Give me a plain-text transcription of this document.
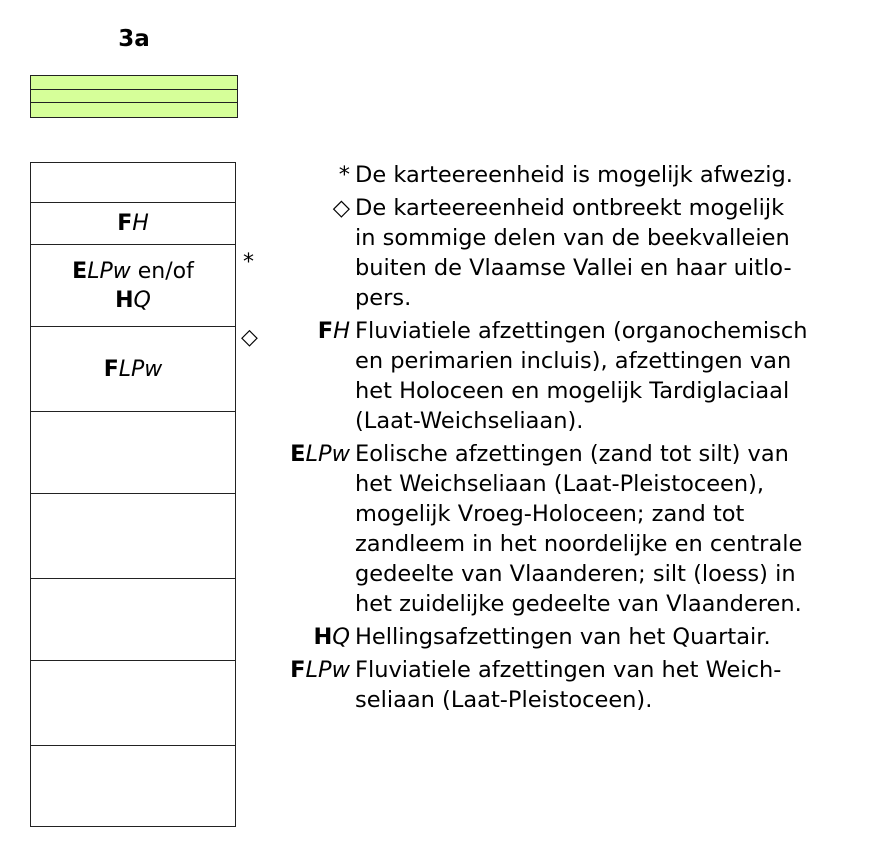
3a
FH
ELPw en/of
HQ
FLPw
*
◇
* De karteereenheid is mogelijk afwezig.
◇ De karteereenheid ontbreekt mogelijk
in sommige delen van de beekvalleien
buiten de Vlaamse Vallei en haar uitlo-
pers.
FH Fluviatiele afzettingen (organochemisch
en perimarien incluis), afzettingen van
het Holoceen en mogelijk Tardiglaciaal
(Laat-Weichseliaan).
ELPw Eolische afzettingen (zand tot silt) van
het Weichseliaan (Laat-Pleistoceen),
mogelijk Vroeg-Holoceen; zand tot
zandleem in het noordelijke en centrale
gedeelte van Vlaanderen; silt (loess) in
het zuidelijke gedeelte van Vlaanderen.
HQ Hellingsafzettingen van het Quartair.
FLPw Fluviatiele afzettingen van het Weich-
seliaan (Laat-Pleistoceen).
